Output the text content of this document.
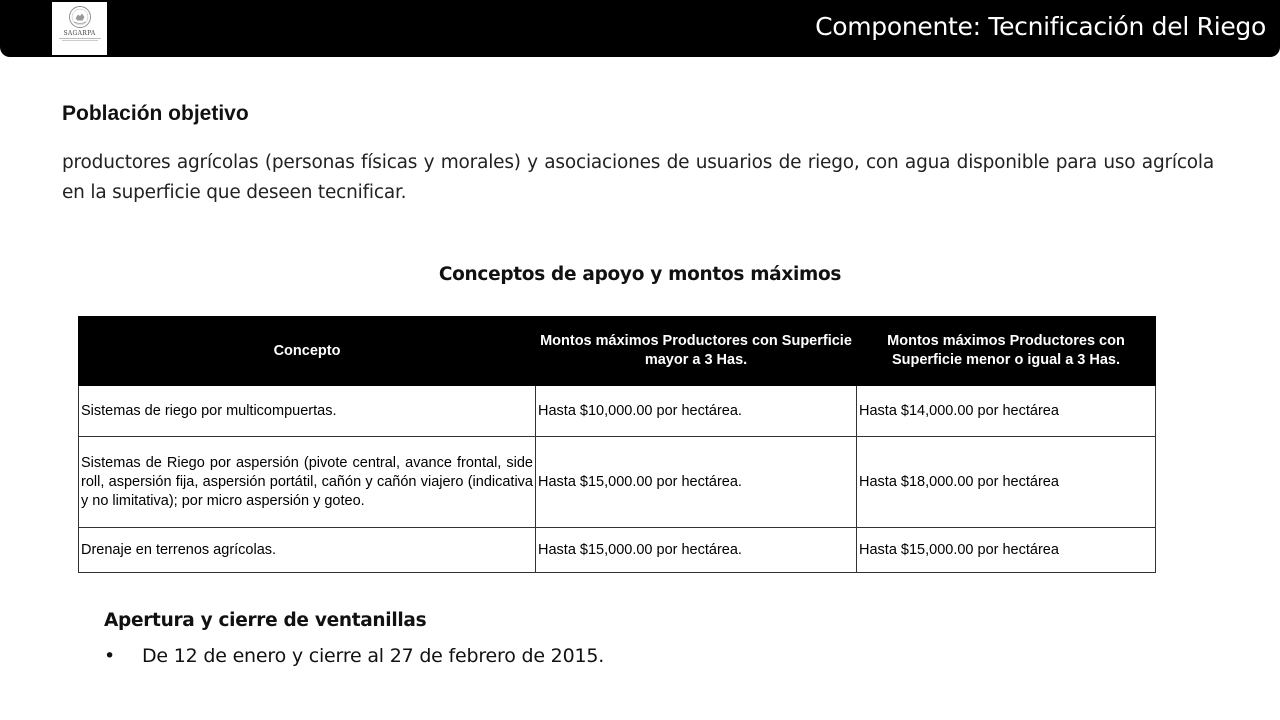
SAGARPA	Componente: Tecnificación del Riego
Población objetivo

productores agrícolas (personas físicas y morales) y asociaciones de usuarios de riego, con agua disponible para uso agrícola en la superficie que deseen tecnificar.

Conceptos de apoyo y montos máximos
Concepto	Montos máximos Productores con Superficie mayor a 3 Has.	Montos máximos Productores con Superficie menor o igual a 3 Has.
Sistemas de riego por multicompuertas.	Hasta $10,000.00 por hectárea.	Hasta $14,000.00 por hectárea
Sistemas de Riego por aspersión (pivote central, avance frontal, side roll, aspersión fija, aspersión portátil, cañón y cañón viajero (indicativa y no limitativa); por micro aspersión y goteo.	Hasta $15,000.00 por hectárea.	Hasta $18,000.00 por hectárea
Drenaje en terrenos agrícolas.	Hasta $15,000.00 por hectárea.	Hasta $15,000.00 por hectárea
Apertura y cierre de ventanillas
• De 12 de enero y cierre al 27 de febrero de 2015.
